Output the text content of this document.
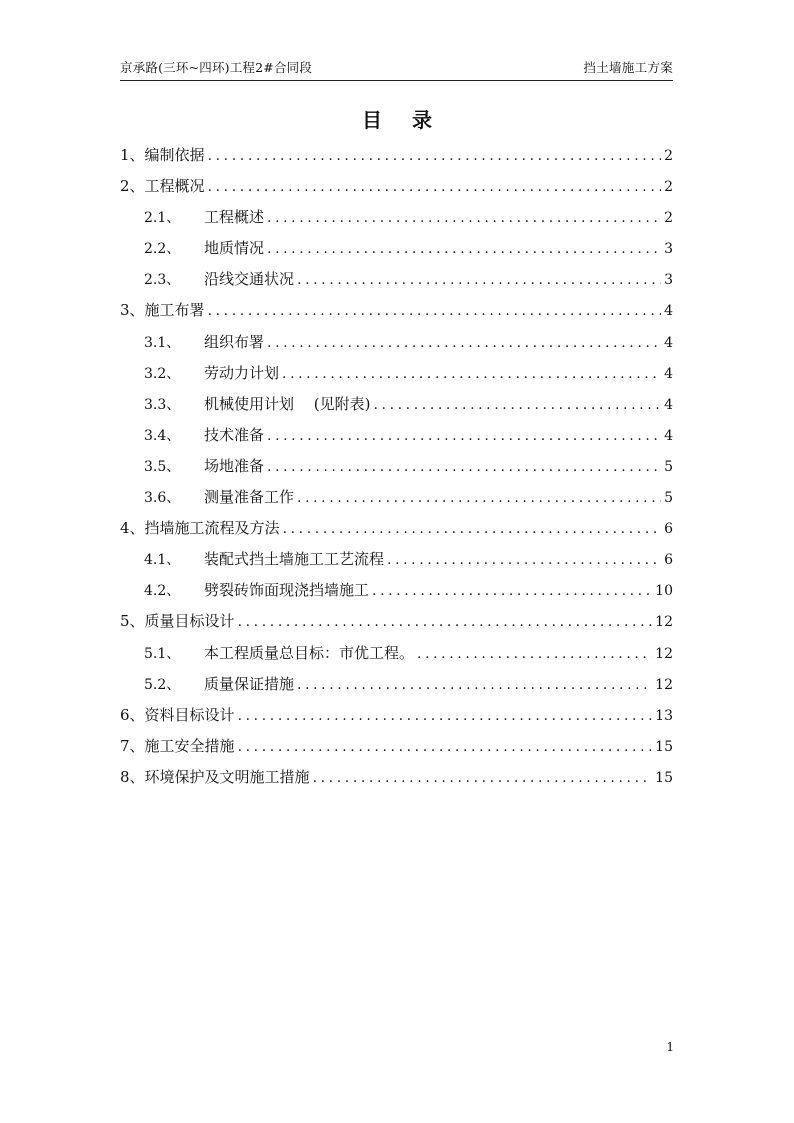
京承路(三环~四环)工程2#合同段	挡土墙施工方案
目录
1、 编制依据 .....	2
2、 工程概况 .....	2
2.1、	工程概述 .....	2
2.2、	地质情况 .....	3
2.3、	沿线交通状况 .....	3
3、 施工布署 .....	4
3.1、	组织布署 .....	4
3.2、	劳动力计划 .....	4
3.3、	机械使用计划 　(见附表) .....	4
3.4、	技术准备 .....	4
3.5、	场地准备 .....	5
3.6、	测量准备工作 .....	5
4、 挡墙施工流程及方法 .....	6
4.1、	装配式挡土墙施工工艺流程 .....	6
4.2、	劈裂砖饰面现浇挡墙施工 .....	10
5、 质量目标设计 .....	12
5.1、	本工程质量总目标：市优工程。 .....	12
5.2、	质量保证措施 .....	12
6、 资料目标设计 .....	13
7、 施工安全措施 .....	15
8、 环境保护及文明施工措施 .....	15
1
